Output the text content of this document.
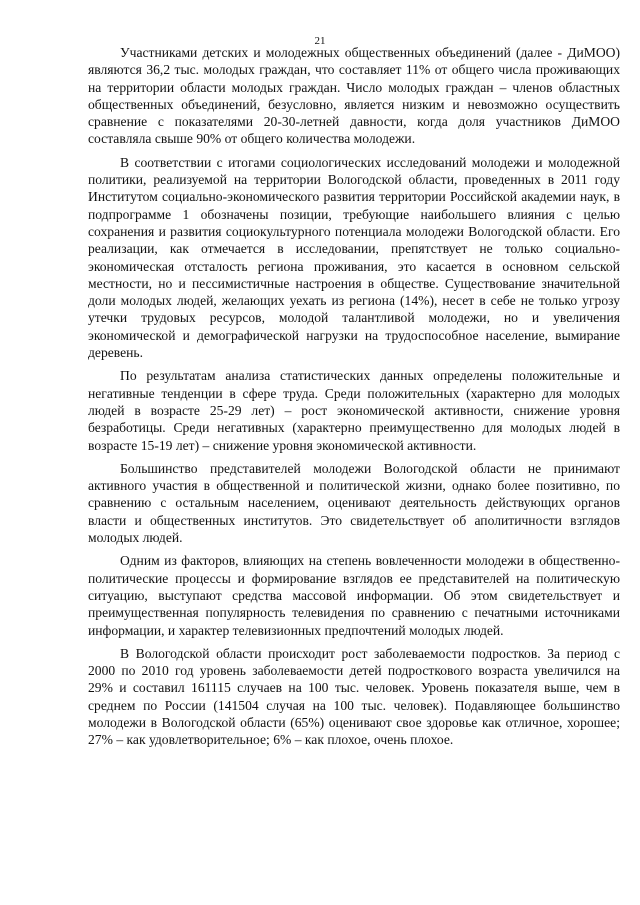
21

Участниками детских и молодежных общественных объединений (далее - ДиМОО) являются 36,2 тыс. молодых граждан, что составляет 11% от общего числа проживающих на территории области молодых граждан. Число молодых граждан – членов областных общественных объединений, безусловно, является низким и невозможно осуществить сравнение с показателями 20-30-летней давности, когда доля участников ДиМОО составляла свыше 90% от общего количества молодежи.

В соответствии с итогами социологических исследований молодежи и молодежной политики, реализуемой на территории Вологодской области, проведенных в 2011 году Институтом социально-экономического развития территории Российской академии наук, в подпрограмме 1 обозначены позиции, требующие наибольшего влияния с целью сохранения и развития социокультурного потенциала молодежи Вологодской области. Его реализации, как отмечается в исследовании, препятствует не только социально-экономическая отсталость региона проживания, это касается в основном сельской местности, но и пессимистичные настроения в обществе. Существование значительной доли молодых людей, желающих уехать из региона (14%), несет в себе не только угрозу утечки трудовых ресурсов, молодой талантливой молодежи, но и увеличения экономической и демографической нагрузки на трудоспособное население, вымирание деревень.

По результатам анализа статистических данных определены положительные и негативные тенденции в сфере труда. Среди положительных (характерно для молодых людей в возрасте 25-29 лет) – рост экономической активности, снижение уровня безработицы. Среди негативных (характерно преимущественно для молодых людей в возрасте 15-19 лет) – снижение уровня экономической активности.

Большинство представителей молодежи Вологодской области не принимают активного участия в общественной и политической жизни, однако более позитивно, по сравнению с остальным населением, оценивают деятельность действующих органов власти и общественных институтов. Это свидетельствует об аполитичности взглядов молодых людей.

Одним из факторов, влияющих на степень вовлеченности молодежи в общественно-политические процессы и формирование взглядов ее представителей на политическую ситуацию, выступают средства массовой информации. Об этом свидетельствует и преимущественная популярность телевидения по сравнению с печатными источниками информации, и характер телевизионных предпочтений молодых людей.

В Вологодской области происходит рост заболеваемости подростков. За период с 2000 по 2010 год уровень заболеваемости детей подросткового возраста увеличился на 29% и составил 161115 случаев на 100 тыс. человек. Уровень показателя выше, чем в среднем по России (141504 случая на 100 тыс. человек). Подавляющее большинство молодежи в Вологодской области (65%) оценивают свое здоровье как отличное, хорошее; 27% – как удовлетворительное; 6% – как плохое, очень плохое.
